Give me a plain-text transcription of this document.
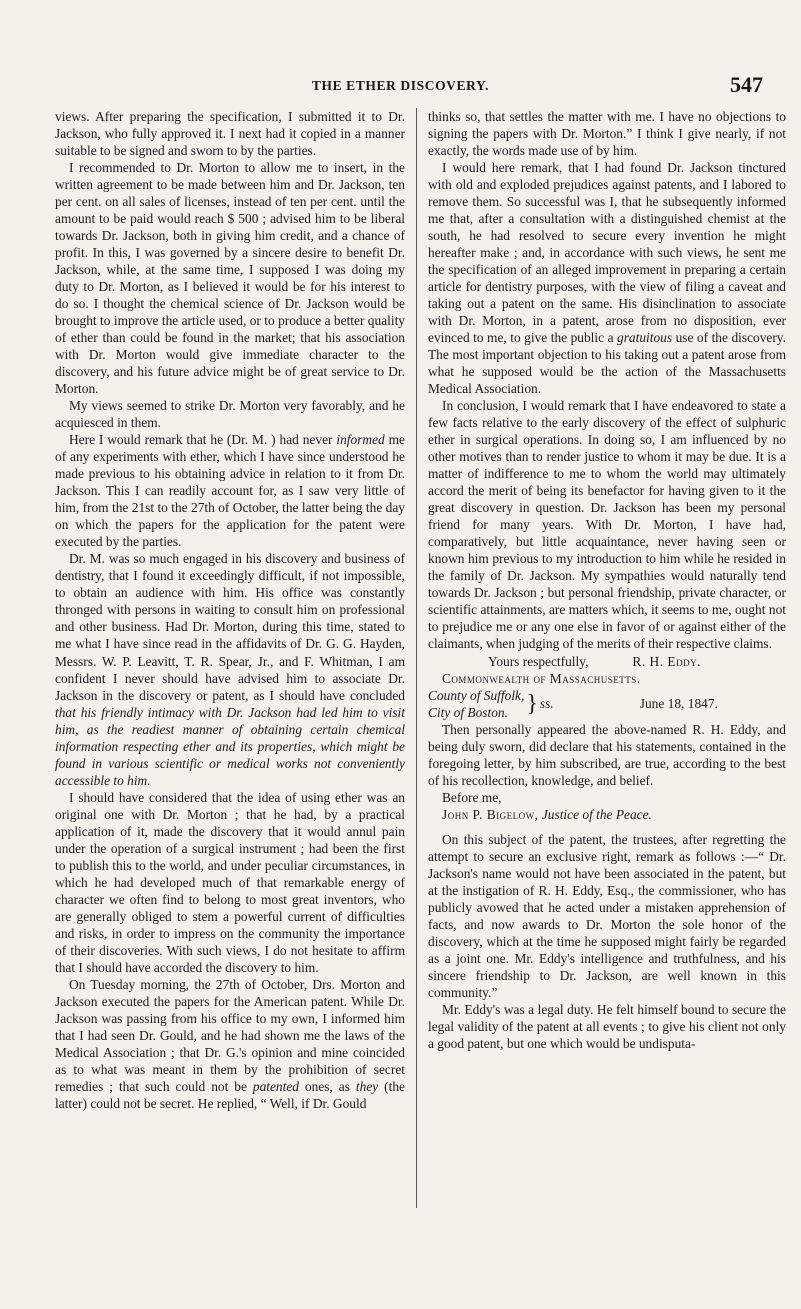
THE ETHER DISCOVERY.	547

views. After preparing the specification, I submitted it to Dr. Jackson, who fully approved it. I next had it copied in a manner suitable to be signed and sworn to by the parties.

I recommended to Dr. Morton to allow me to insert, in the written agreement to be made between him and Dr. Jackson, ten per cent. on all sales of licenses, instead of ten per cent. until the amount to be paid would reach $ 500 ; advised him to be liberal towards Dr. Jackson, both in giving him credit, and a chance of profit. In this, I was governed by a sincere desire to benefit Dr. Jackson, while, at the same time, I supposed I was doing my duty to Dr. Morton, as I believed it would be for his interest to do so. I thought the chemical science of Dr. Jackson would be brought to improve the article used, or to produce a better quality of ether than could be found in the market; that his association with Dr. Morton would give immediate character to the discovery, and his future advice might be of great service to Dr. Morton.

My views seemed to strike Dr. Morton very favorably, and he acquiesced in them.

Here I would remark that he (Dr. M. ) had never informed me of any experiments with ether, which I have since understood he made previous to his obtaining advice in relation to it from Dr. Jackson. This I can readily account for, as I saw very little of him, from the 21st to the 27th of October, the latter being the day on which the papers for the application for the patent were executed by the parties.

Dr. M. was so much engaged in his discovery and business of dentistry, that I found it exceedingly difficult, if not impossible, to obtain an audience with him. His office was constantly thronged with persons in waiting to consult him on professional and other business. Had Dr. Morton, during this time, stated to me what I have since read in the affidavits of Dr. G. G. Hayden, Messrs. W. P. Leavitt, T. R. Spear, Jr., and F. Whitman, I am confident I never should have advised him to associate Dr. Jackson in the discovery or patent, as I should have concluded that his friendly intimacy with Dr. Jackson had led him to visit him, as the readiest manner of obtaining certain chemical information respecting ether and its properties, which might be found in various scientific or medical works not conveniently accessible to him.

I should have considered that the idea of using ether was an original one with Dr. Morton ; that he had, by a practical application of it, made the discovery that it would annul pain under the operation of a surgical instrument ; had been the first to publish this to the world, and under peculiar circumstances, in which he had developed much of that remarkable energy of character we often find to belong to most great inventors, who are generally obliged to stem a powerful current of difficulties and risks, in order to impress on the community the importance of their discoveries. With such views, I do not hesitate to affirm that I should have accorded the discovery to him.

On Tuesday morning, the 27th of October, Drs. Morton and Jackson executed the papers for the American patent. While Dr. Jackson was passing from his office to my own, I informed him that I had seen Dr. Gould, and he had shown me the laws of the Medical Association ; that Dr. G.'s opinion and mine coincided as to what was meant in them by the prohibition of secret remedies ; that such could not be patented ones, as they (the latter) could not be secret. He replied, “ Well, if Dr. Gould

thinks so, that settles the matter with me. I have no objections to signing the papers with Dr. Morton.” I think I give nearly, if not exactly, the words made use of by him.

I would here remark, that I had found Dr. Jackson tinctured with old and exploded prejudices against patents, and I labored to remove them. So successful was I, that he subsequently informed me that, after a consultation with a distinguished chemist at the south, he had resolved to secure every invention he might hereafter make ; and, in accordance with such views, he sent me the specification of an alleged improvement in preparing a certain article for dentistry purposes, with the view of filing a caveat and taking out a patent on the same. His disinclination to associate with Dr. Morton, in a patent, arose from no disposition, ever evinced to me, to give the public a gratuitous use of the discovery. The most important objection to his taking out a patent arose from what he supposed would be the action of the Massachusetts Medical Association.

In conclusion, I would remark that I have endeavored to state a few facts relative to the early discovery of the effect of sulphuric ether in surgical operations. In doing so, I am influenced by no other motives than to render justice to whom it may be due. It is a matter of indifference to me to whom the world may ultimately accord the merit of being its benefactor for having given to it the great discovery in question. Dr. Jackson has been my personal friend for many years. With Dr. Morton, I have had, comparatively, but little acquaintance, never having seen or known him previous to my introduction to him while he resided in the family of Dr. Jackson. My sympathies would naturally tend towards Dr. Jackson ; but personal friendship, private character, or scientific attainments, are matters which, it seems to me, ought not to prejudice me or any one else in favor of or against either of the claimants, when judging of the merits of their respective claims.

Yours respectfully,	R. H. Eddy.

Commonwealth of Massachusetts.

County of Suffolk,
City of Boston. } ss.	June 18, 1847.

Then personally appeared the above-named R. H. Eddy, and being duly sworn, did declare that his statements, contained in the foregoing letter, by him subscribed, are true, according to the best of his recollection, knowledge, and belief.

Before me,

John P. Bigelow, Justice of the Peace.

On this subject of the patent, the trustees, after regretting the attempt to secure an exclusive right, remark as follows :—“ Dr. Jackson's name would not have been associated in the patent, but at the instigation of R. H. Eddy, Esq., the commissioner, who has publicly avowed that he acted under a mistaken apprehension of facts, and now awards to Dr. Morton the sole honor of the discovery, which at the time he supposed might fairly be regarded as a joint one. Mr. Eddy's intelligence and truthfulness, and his sincere friendship to Dr. Jackson, are well known in this community.”

Mr. Eddy's was a legal duty. He felt himself bound to secure the legal validity of the patent at all events ; to give his client not only a good patent, but one which would be undisputa-
